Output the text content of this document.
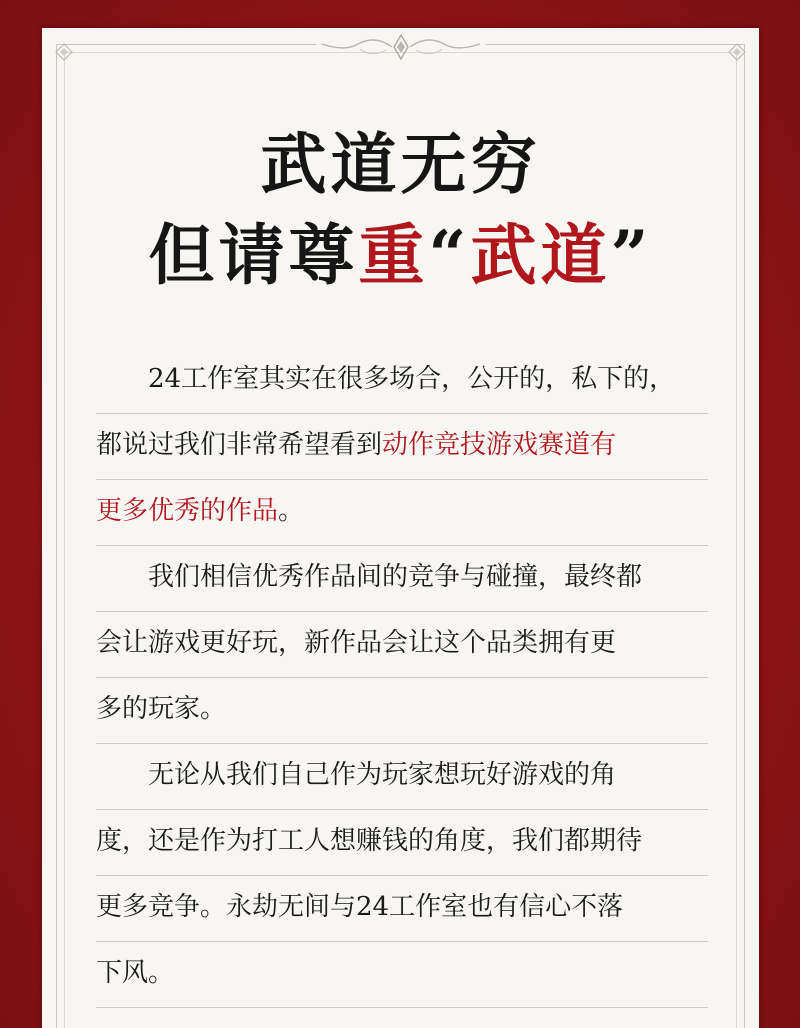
武道无穷
但请尊重“武道”
24工作室其实在很多场合，公开的，私下的，
都说过我们非常希望看到动作竞技游戏赛道有
更多优秀的作品。
我们相信优秀作品间的竞争与碰撞，最终都
会让游戏更好玩，新作品会让这个品类拥有更
多的玩家。
无论从我们自己作为玩家想玩好游戏的角
度，还是作为打工人想赚钱的角度，我们都期待
更多竞争。永劫无间与24工作室也有信心不落
下风。
